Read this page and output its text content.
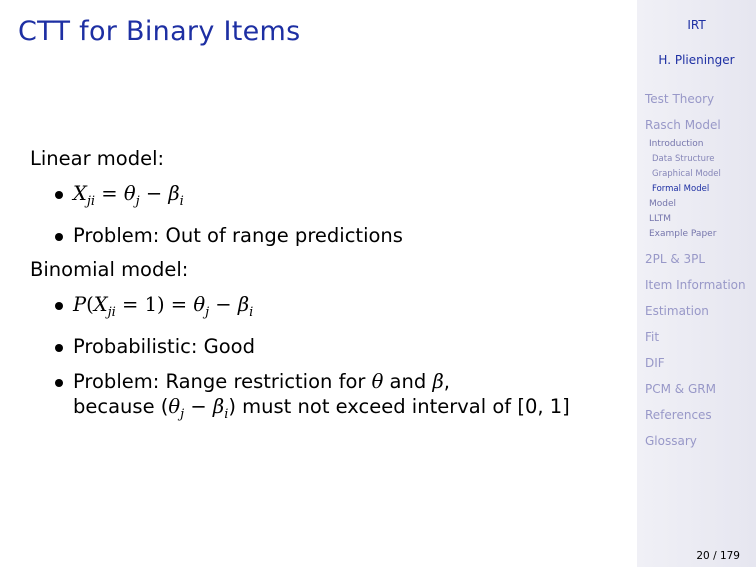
CTT for Binary Items
Linear model:
$X_{ji} = \theta_j - \beta_i$
Problem: Out of range predictions
Binomial model:
$P(X_{ji} = 1) = \theta_j - \beta_i$
Probabilistic: Good
Problem: Range restriction for θ and β,
because $(\theta_j - \beta_i)$ must not exceed interval of [0, 1]
IRT
H. Plieninger
Test Theory
Rasch Model
Introduction
Data Structure
Graphical Model
Formal Model
Model
LLTM
Example Paper
2PL & 3PL
Item Information
Estimation
Fit
DIF
PCM & GRM
References
Glossary
20 / 179
